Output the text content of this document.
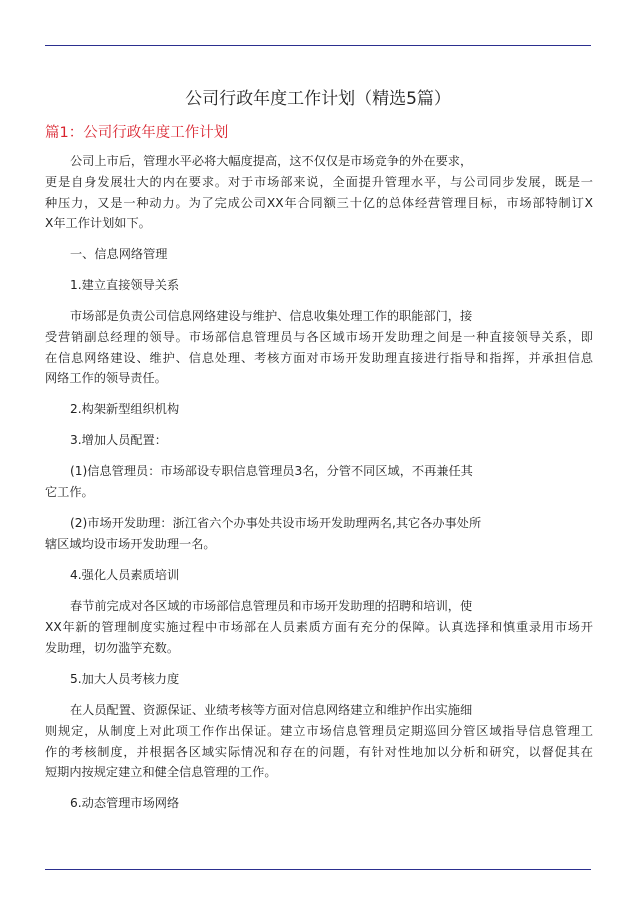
公司行政年度工作计划（精选5篇）
篇1：公司行政年度工作计划
公司上市后，管理水平必将大幅度提高，这不仅仅是市场竞争的外在要求，
更是自身发展壮大的内在要求。对于市场部来说，全面提升管理水平，与公司同步发展，既是一
种压力，又是一种动力。为了完成公司XX年合同额三十亿的总体经营管理目标，市场部特制订X
X年工作计划如下。
一、信息网络管理
1.建立直接领导关系
市场部是负责公司信息网络建设与维护、信息收集处理工作的职能部门，接
受营销副总经理的领导。市场部信息管理员与各区域市场开发助理之间是一种直接领导关系，即
在信息网络建设、维护、信息处理、考核方面对市场开发助理直接进行指导和指挥，并承担信息
网络工作的领导责任。
2.构架新型组织机构
3.增加人员配置：
(1)信息管理员：市场部设专职信息管理员3名，分管不同区域，不再兼任其
它工作。
(2)市场开发助理：浙江省六个办事处共设市场开发助理两名,其它各办事处所
辖区域均设市场开发助理一名。
4.强化人员素质培训
春节前完成对各区域的市场部信息管理员和市场开发助理的招聘和培训，使
XX年新的管理制度实施过程中市场部在人员素质方面有充分的保障。认真选择和慎重录用市场开
发助理，切勿滥竽充数。
5.加大人员考核力度
在人员配置、资源保证、业绩考核等方面对信息网络建立和维护作出实施细
则规定，从制度上对此项工作作出保证。建立市场信息管理员定期巡回分管区域指导信息管理工
作的考核制度，并根据各区域实际情况和存在的问题，有针对性地加以分析和研究，以督促其在
短期内按规定建立和健全信息管理的工作。
6.动态管理市场网络
